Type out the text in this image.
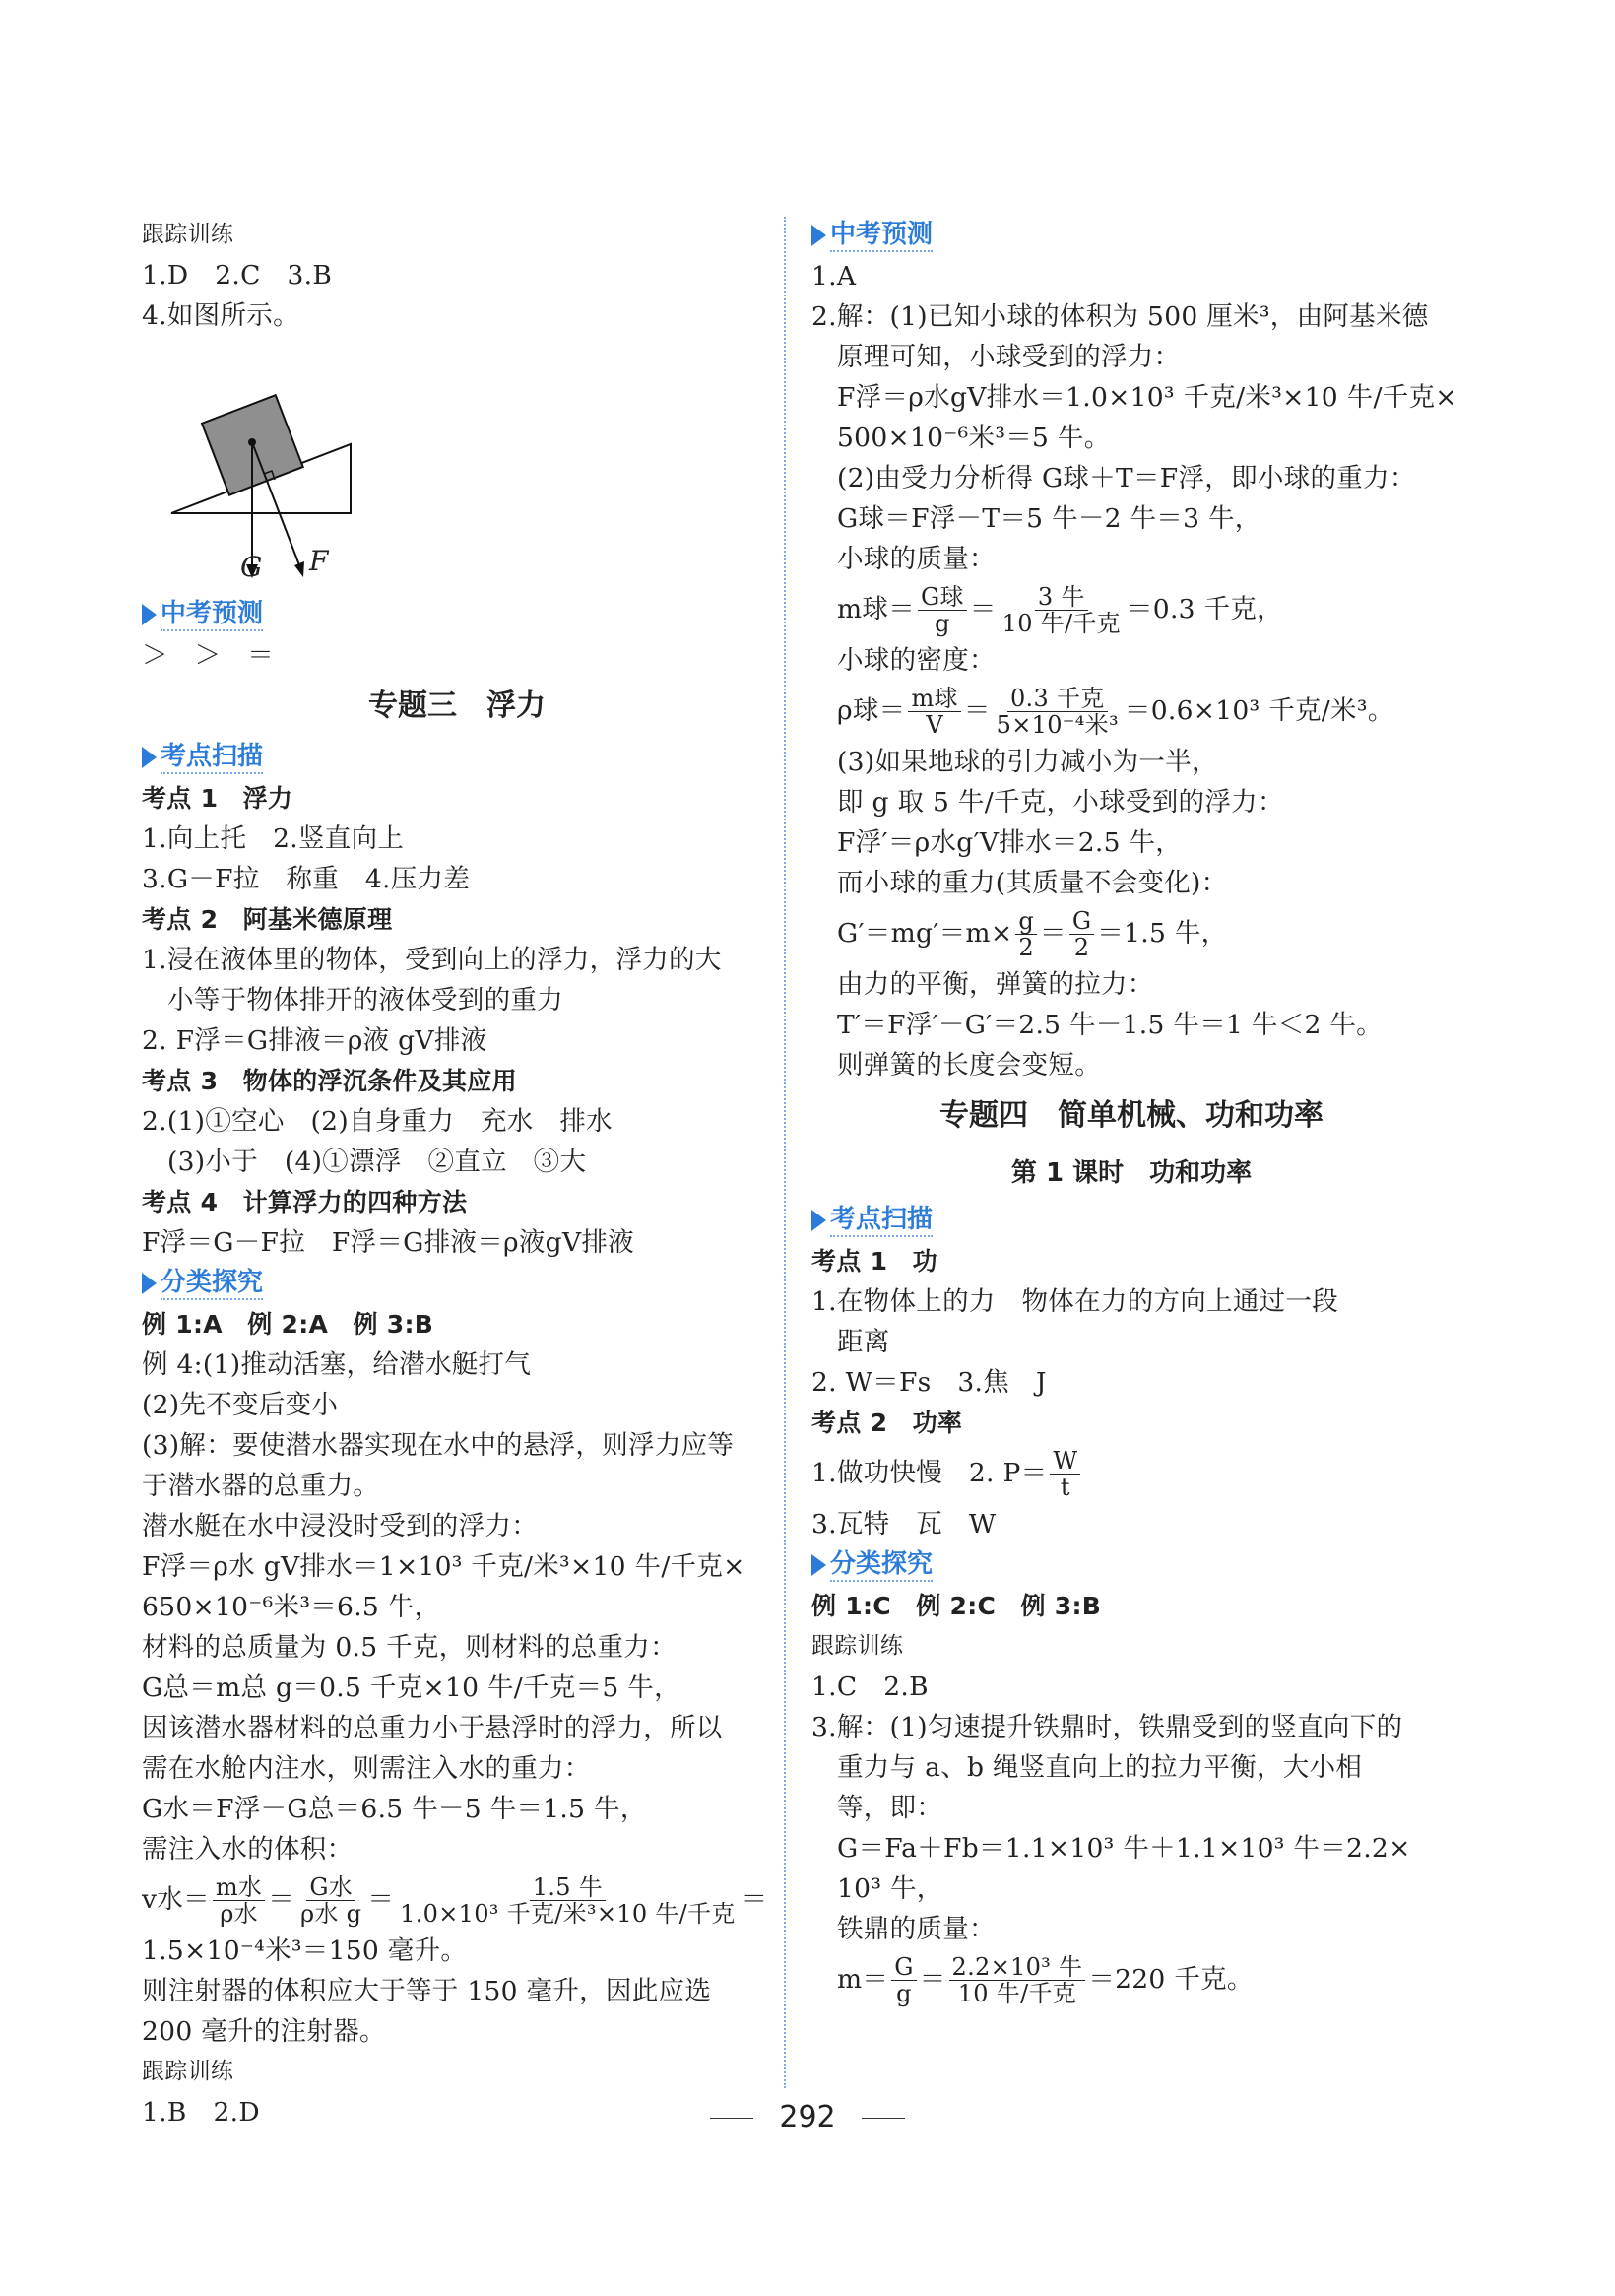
跟踪训练
1.D　2.C　3.B
4.如图所示。
G F
中考预测
＞　＞　＝
专题三　浮力
考点扫描
考点 1　浮力
1.向上托　2.竖直向上
3.G－F拉　称重　4.压力差
考点 2　阿基米德原理
1.浸在液体里的物体，受到向上的浮力，浮力的大
小等于物体排开的液体受到的重力
2. F浮＝G排液＝ρ液 gV排液
考点 3　物体的浮沉条件及其应用
2.(1)①空心　(2)自身重力　充水　排水
(3)小于　(4)①漂浮　②直立　③大
考点 4　计算浮力的四种方法
F浮＝G－F拉　F浮＝G排液＝ρ液gV排液
分类探究
例 1:A　例 2:A　例 3:B
例 4:(1)推动活塞，给潜水艇打气
(2)先不变后变小
(3)解：要使潜水器实现在水中的悬浮，则浮力应等
于潜水器的总重力。
潜水艇在水中浸没时受到的浮力：
F浮＝ρ水 gV排水＝1×10³ 千克/米³×10 牛/千克×
650×10⁻⁶米³＝6.5 牛，
材料的总质量为 0.5 千克，则材料的总重力：
G总＝m总 g＝0.5 千克×10 牛/千克＝5 牛，
因该潜水器材料的总重力小于悬浮时的浮力，所以
需在水舱内注水，则需注入水的重力：
G水＝F浮－G总＝6.5 牛－5 牛＝1.5 牛，
需注入水的体积：
v水＝ $\frac{\text{m水}}{\text{ρ水}} = \frac{\text{G水}}{\text{ρ水 g}} = \frac{\text{1.5 牛}}{\text{1.0×10³ 千克/米³×10 牛/千克}}$ ＝
1.5×10⁻⁴米³＝150 毫升。
则注射器的体积应大于等于 150 毫升，因此应选
200 毫升的注射器。
跟踪训练
1.B　2.D
中考预测
1.A
2.解：(1)已知小球的体积为 500 厘米³，由阿基米德
原理可知，小球受到的浮力：
F浮＝ρ水gV排水＝1.0×10³ 千克/米³×10 牛/千克×
500×10⁻⁶米³＝5 牛。
(2)由受力分析得 G球＋T＝F浮，即小球的重力：
G球＝F浮－T＝5 牛－2 牛＝3 牛，
小球的质量：
m球＝ $\frac{\text{G球}}{g} = \frac{\text{3 牛}}{\text{10 牛/千克}} =0.3$ 千克，
小球的密度：
ρ球＝ $\frac{\text{m球}}{V} = \frac{\text{0.3 千克}}{\text{5×10⁻⁴米³}} =0.6\times 10^3$ 千克/米³。
(3)如果地球的引力减小为一半，
即 g 取 5 牛/千克，小球受到的浮力：
F浮′＝ρ水g′V排水＝2.5 牛，
而小球的重力(其质量不会变化)：
$G'=mg'=m\times \frac{g}{2} = \frac{G}{2} =1.5$ 牛，
由力的平衡，弹簧的拉力：
T′＝F浮′－G′＝2.5 牛－1.5 牛＝1 牛＜2 牛。
则弹簧的长度会变短。
专题四　简单机械、功和功率
第 1 课时　功和功率
考点扫描
考点 1　功
1.在物体上的力　物体在力的方向上通过一段
距离
2. W＝Fs　3.焦　J
考点 2　功率
1.做功快慢　2. $P= \frac{W}{t}$
3.瓦特　瓦　W
分类探究
例 1:C　例 2:C　例 3:B
跟踪训练
1.C　2.B
3.解：(1)匀速提升铁鼎时，铁鼎受到的竖直向下的
重力与 a、b 绳竖直向上的拉力平衡，大小相
等，即：
G＝Fa＋Fb＝1.1×10³ 牛＋1.1×10³ 牛＝2.2×
10³ 牛，
铁鼎的质量：
$m= \frac{G}{g} = \frac{\text{2.2×10³ 牛}}{\text{10 牛/千克}} =220$ 千克。
292
